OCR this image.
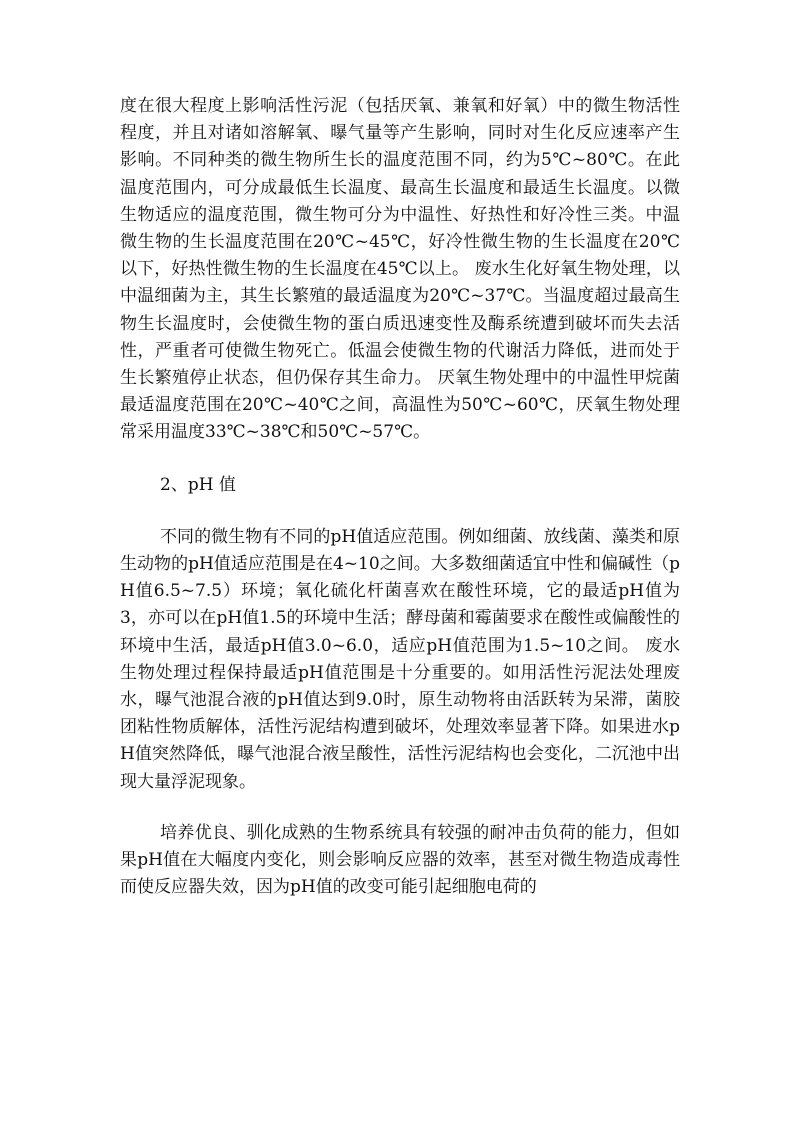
度在很大程度上影响活性污泥（包括厌氧、兼氧和好氧）中的微生物活性程度，并且对诸如溶解氧、曝气量等产生影响，同时对生化反应速率产生影响。不同种类的微生物所生长的温度范围不同，约为5℃~80℃。在此温度范围内，可分成最低生长温度、最高生长温度和最适生长温度。以微生物适应的温度范围，微生物可分为中温性、好热性和好冷性三类。中温微生物的生长温度范围在20℃~45℃，好冷性微生物的生长温度在20℃以下，好热性微生物的生长温度在45℃以上。 废水生化好氧生物处理，以中温细菌为主，其生长繁殖的最适温度为20℃~37℃。当温度超过最高生物生长温度时，会使微生物的蛋白质迅速变性及酶系统遭到破坏而失去活性，严重者可使微生物死亡。低温会使微生物的代谢活力降低，进而处于生长繁殖停止状态，但仍保存其生命力。 厌氧生物处理中的中温性甲烷菌最适温度范围在20℃~40℃之间，高温性为50℃~60℃，厌氧生物处理常采用温度33℃~38℃和50℃~57℃。

2、pH 值

不同的微生物有不同的pH值适应范围。例如细菌、放线菌、藻类和原生动物的pH值适应范围是在4~10之间。大多数细菌适宜中性和偏碱性（pH值6.5~7.5）环境；氧化硫化杆菌喜欢在酸性环境，它的最适pH值为3，亦可以在pH值1.5的环境中生活；酵母菌和霉菌要求在酸性或偏酸性的环境中生活，最适pH值3.0~6.0，适应pH值范围为1.5~10之间。 废水生物处理过程保持最适pH值范围是十分重要的。如用活性污泥法处理废水，曝气池混合液的pH值达到9.0时，原生动物将由活跃转为呆滞，菌胶团粘性物质解体，活性污泥结构遭到破坏，处理效率显著下降。如果进水pH值突然降低，曝气池混合液呈酸性，活性污泥结构也会变化，二沉池中出现大量浮泥现象。

培养优良、驯化成熟的生物系统具有较强的耐冲击负荷的能力，但如果pH值在大幅度内变化，则会影响反应器的效率，甚至对微生物造成毒性而使反应器失效，因为pH值的改变可能引起细胞电荷的
